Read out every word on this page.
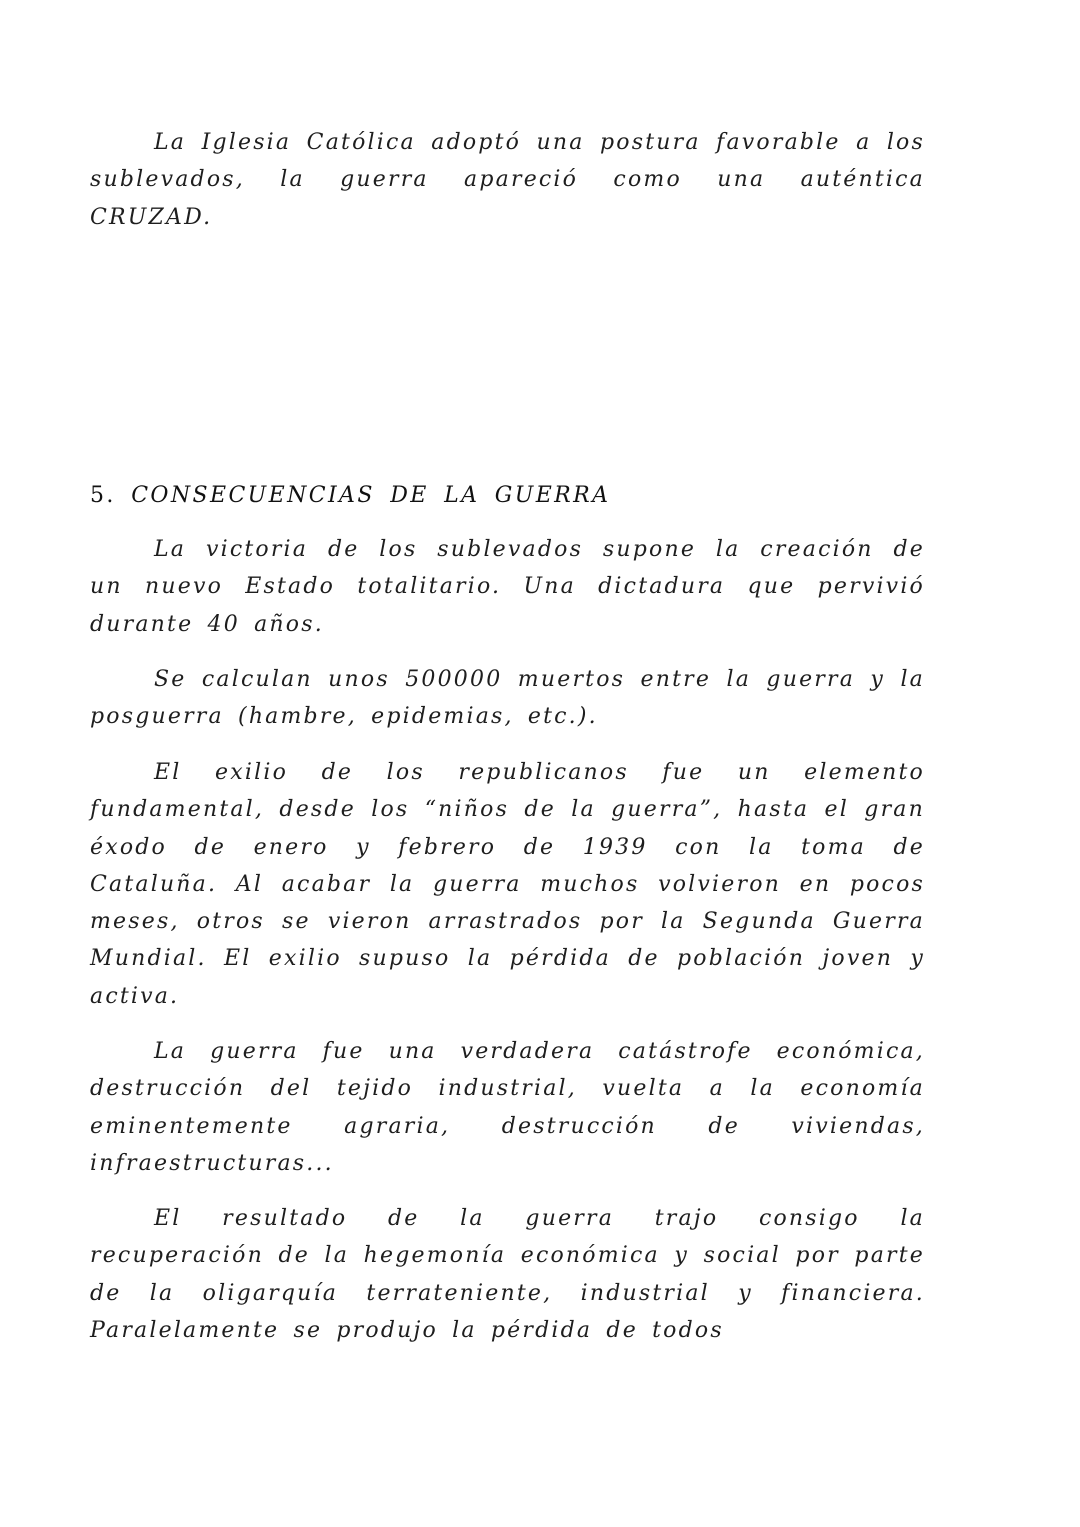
La Iglesia Católica adoptó una postura favorable a los sublevados, la guerra apareció como una auténtica CRUZAD.

5. CONSECUENCIAS DE LA GUERRA

La victoria de los sublevados supone la creación de un nuevo Estado totalitario. Una dictadura que pervivió durante 40 años.

Se calculan unos 500000 muertos entre la guerra y la posguerra (hambre, epidemias, etc.).

El exilio de los republicanos fue un elemento fundamental, desde los “niños de la guerra”, hasta el gran éxodo de enero y febrero de 1939 con la toma de Cataluña. Al acabar la guerra muchos volvieron en pocos meses, otros se vieron arrastrados por la Segunda Guerra Mundial. El exilio supuso la pérdida de población joven y activa.

La guerra fue una verdadera catástrofe económica, destrucción del tejido industrial, vuelta a la economía eminentemente agraria, destrucción de viviendas, infraestructuras...

El resultado de la guerra trajo consigo la recuperación de la hegemonía económica y social por parte de la oligarquía terrateniente, industrial y financiera. Paralelamente se produjo la pérdida de todos
